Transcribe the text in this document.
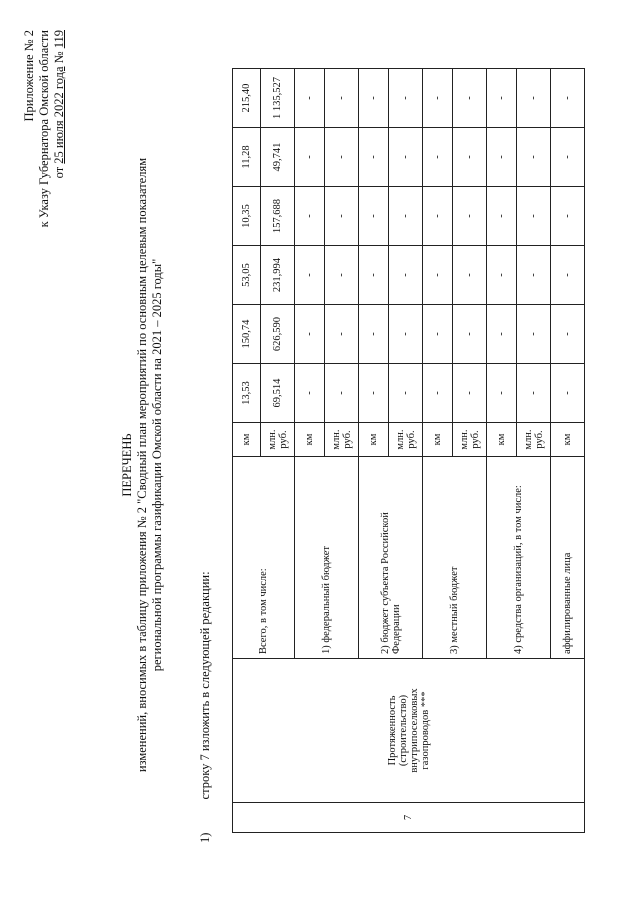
Приложение № 2 к Указу Губернатора Омской области от 25 июля 2022 года № 119
ПЕРЕЧЕНЬ изменений, вносимых в таблицу приложения № 2 "Сводный план мероприятий по основным целевым показателям региональной программы газификации Омской области на 2021 – 2025 годы"
1) строку 7 изложить в следующей редакции:
7	Протяженность (строительство) внутрипоселковых газопроводов ***	Всего, в том числе:	км	13,53	150,74	53,05	10,35	11,28	215,40
			млн. руб.	69,514	626,590	231,994	157,688	49,741	1 135,527
		1) федеральный бюджет	км	-	-	-	-	-	-
			млн. руб.	-	-	-	-	-	-
		2) бюджет субъекта Российской Федерации	км	-	-	-	-	-	-
			млн. руб.	-	-	-	-	-	-
		3) местный бюджет	км	-	-	-	-	-	-
			млн. руб.	-	-	-	-	-	-
		4) средства организаций, в том числе:	км	-	-	-	-	-	-
			млн. руб.	-	-	-	-	-	-
		аффилированные лица	км	-	-	-	-	-	-
